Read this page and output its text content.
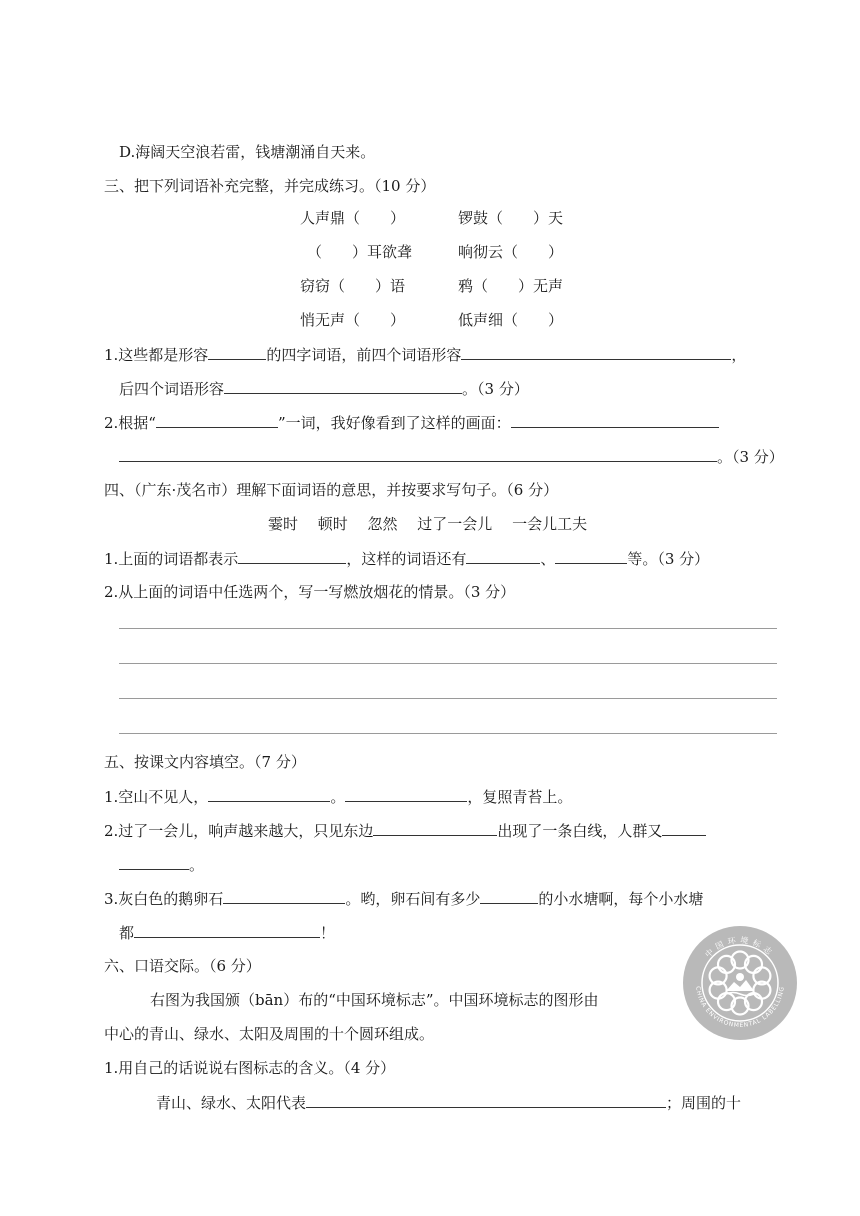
D.海阔天空浪若雷，钱塘潮涌自天来。
三、把下列词语补充完整，并完成练习。（10 分）
人声鼎（　　）	锣鼓（　　）天
（　　）耳欲聋	响彻云（　　）
窃窃（　　）语	鸦（　　）无声
悄无声（　　）	低声细（　　）
1.这些都是形容	的四字词语，前四个词语形容	，
后四个词语形容	。（3 分）
2.根据“	”一词，我好像看到了这样的画面：
。（3 分）
四、（广东·茂名市）理解下面词语的意思，并按要求写句子。（6 分）
霎时　 顿时　 忽然　 过了一会儿　 一会儿工夫
1.上面的词语都表示	，这样的词语还有	、	等。（3 分）
2.从上面的词语中任选两个，写一写燃放烟花的情景。（3 分）
五、按课文内容填空。（7 分）
1.空山不见人，	。	，复照青苔上。
2.过了一会儿，响声越来越大，只见东边	出现了一条白线，人群又
。
3.灰白色的鹅卵石	。哟，卵石间有多少	的小水塘啊，每个小水塘
都	！
六、口语交际。（6 分）
右图为我国颁（bān）布的“中国环境标志”。中国环境标志的图形由
中心的青山、绿水、太阳及周围的十个圆环组成。
1.用自己的话说说右图标志的含义。（4 分）
青山、绿水、太阳代表	；周围的十
中国环境标志
CHINA ENVIRONMENTAL LABELLING
